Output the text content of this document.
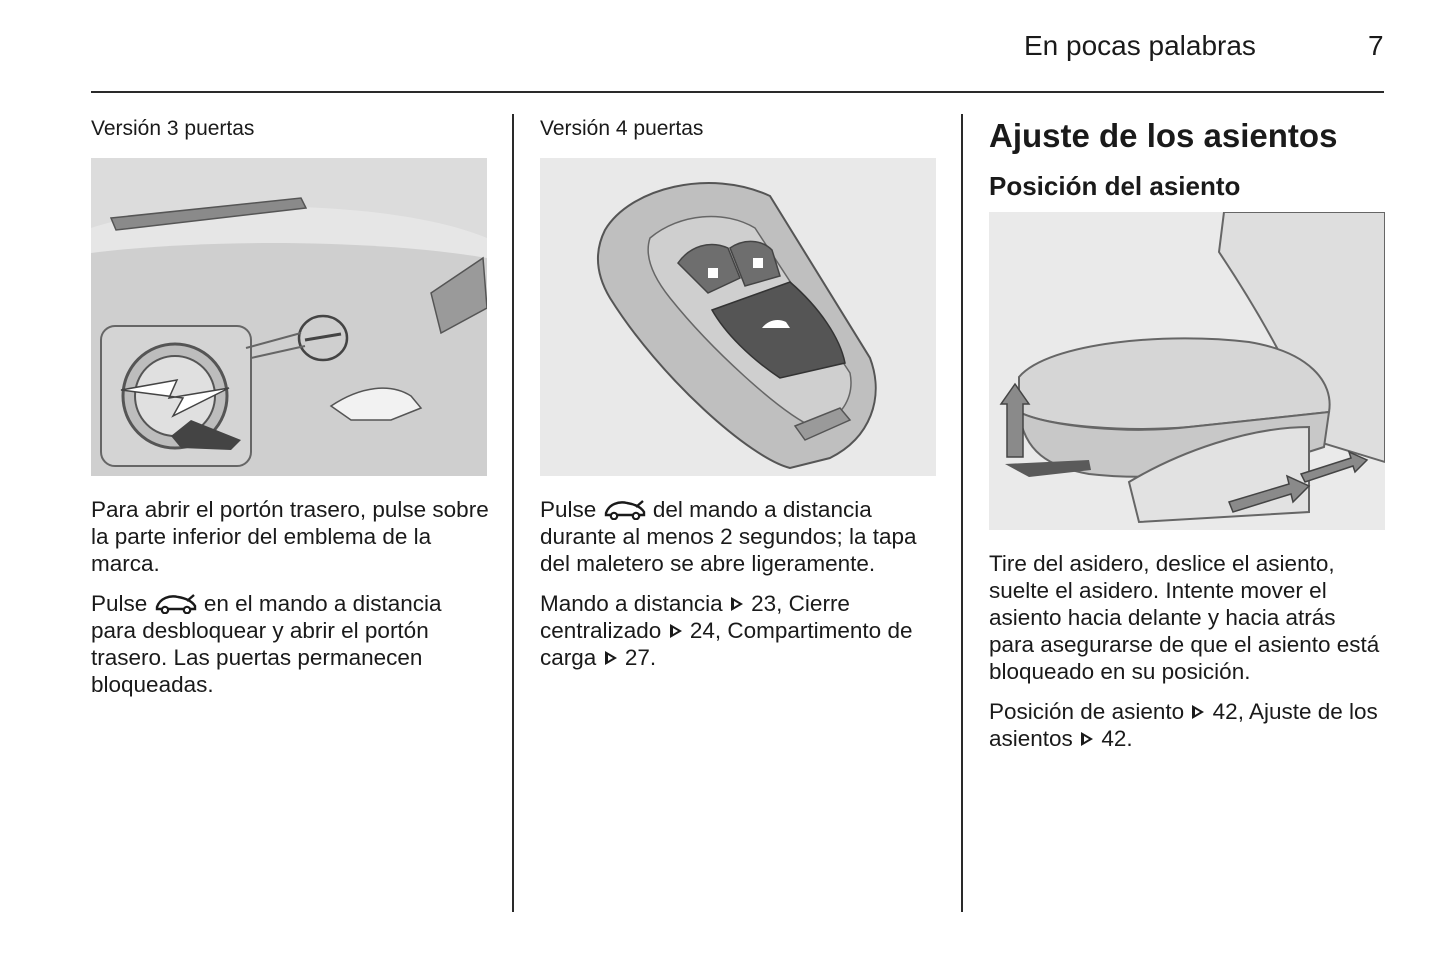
En pocas palabras	7

Versión 3 puertas

Para abrir el portón trasero, pulse sobre la parte inferior del emblema de la marca.

Pulse	en el mando a distancia para desbloquear y abrir el portón trasero. Las puertas permanecen bloqueadas.

Versión 4 puertas

Pulse	del mando a distancia durante al menos 2 segundos; la tapa del maletero se abre ligeramente.

Mando a distancia 23, Cierre centralizado 24, Compartimento de carga 27.

Ajuste de los asientos
Posición del asiento

Tire del asidero, deslice el asiento, suelte el asidero. Intente mover el asiento hacia delante y hacia atrás para asegurarse de que el asiento está bloqueado en su posición.

Posición de asiento 42, Ajuste de los asientos 42.
